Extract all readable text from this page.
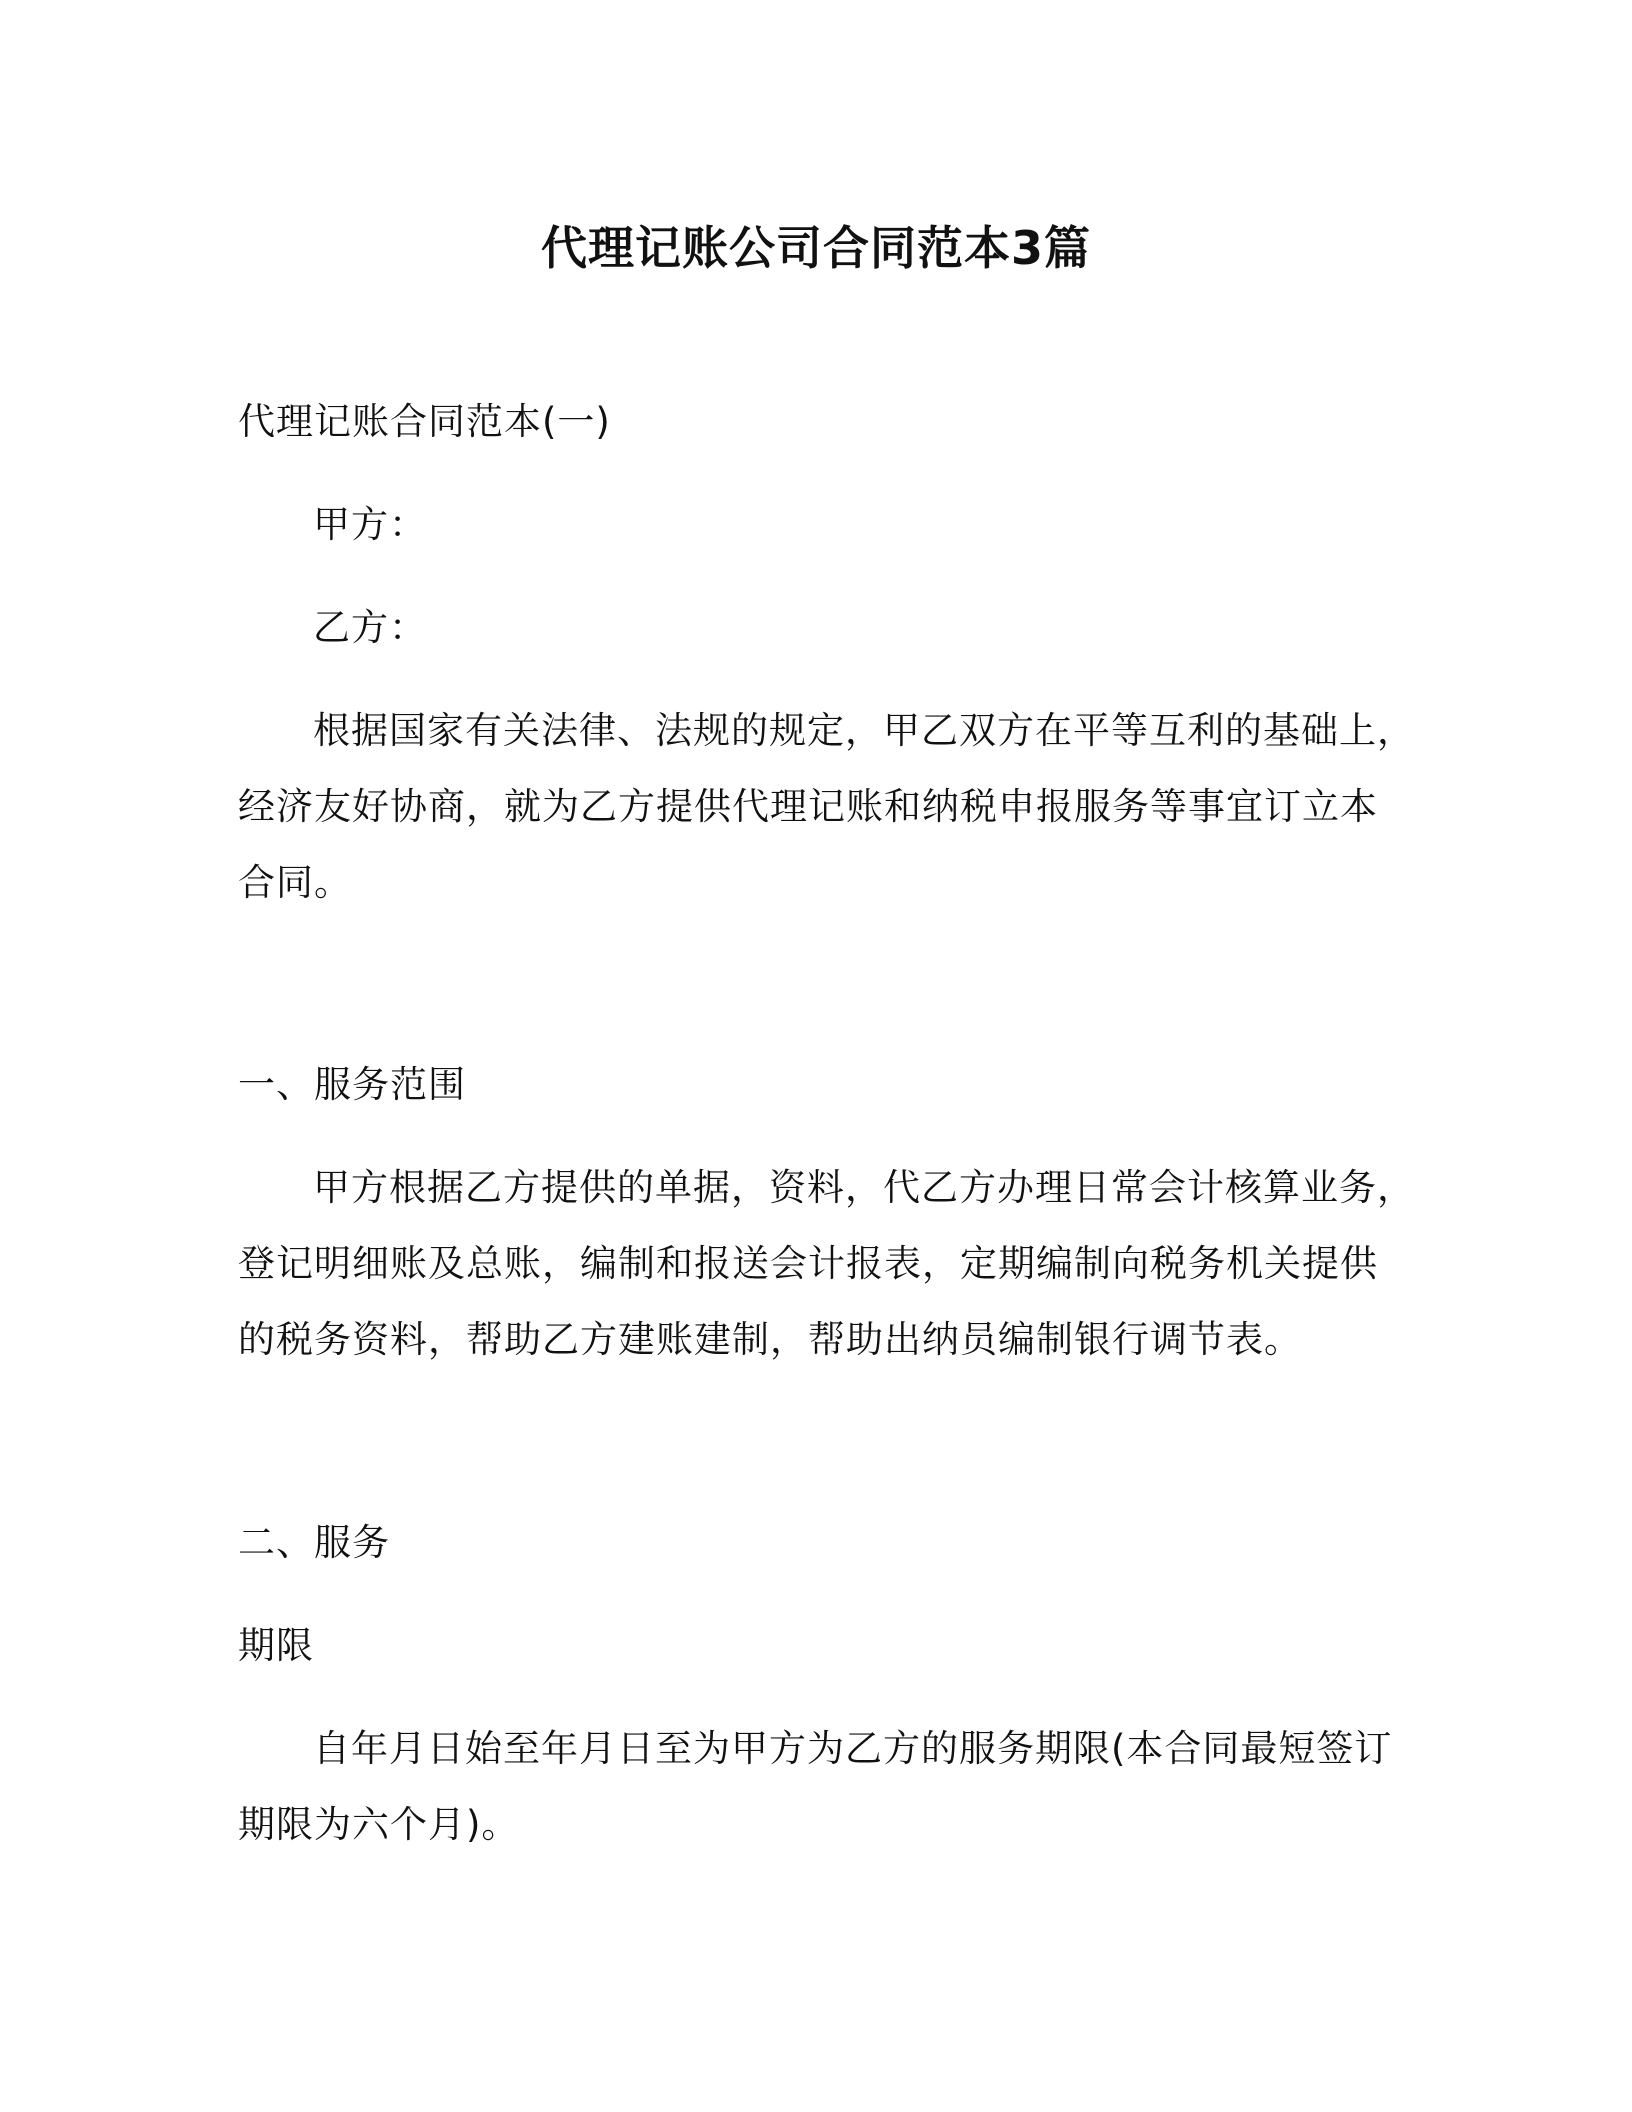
代理记账公司合同范本3篇
代理记账合同范本(一)
甲方：
乙方：
根据国家有关法律、法规的规定，甲乙双方在平等互利的基础上，
经济友好协商，就为乙方提供代理记账和纳税申报服务等事宜订立本
合同。
一、服务范围
甲方根据乙方提供的单据，资料，代乙方办理日常会计核算业务，
登记明细账及总账，编制和报送会计报表，定期编制向税务机关提供
的税务资料，帮助乙方建账建制，帮助出纳员编制银行调节表。
二、服务
期限
自年月日始至年月日至为甲方为乙方的服务期限(本合同最短签订
期限为六个月)。
